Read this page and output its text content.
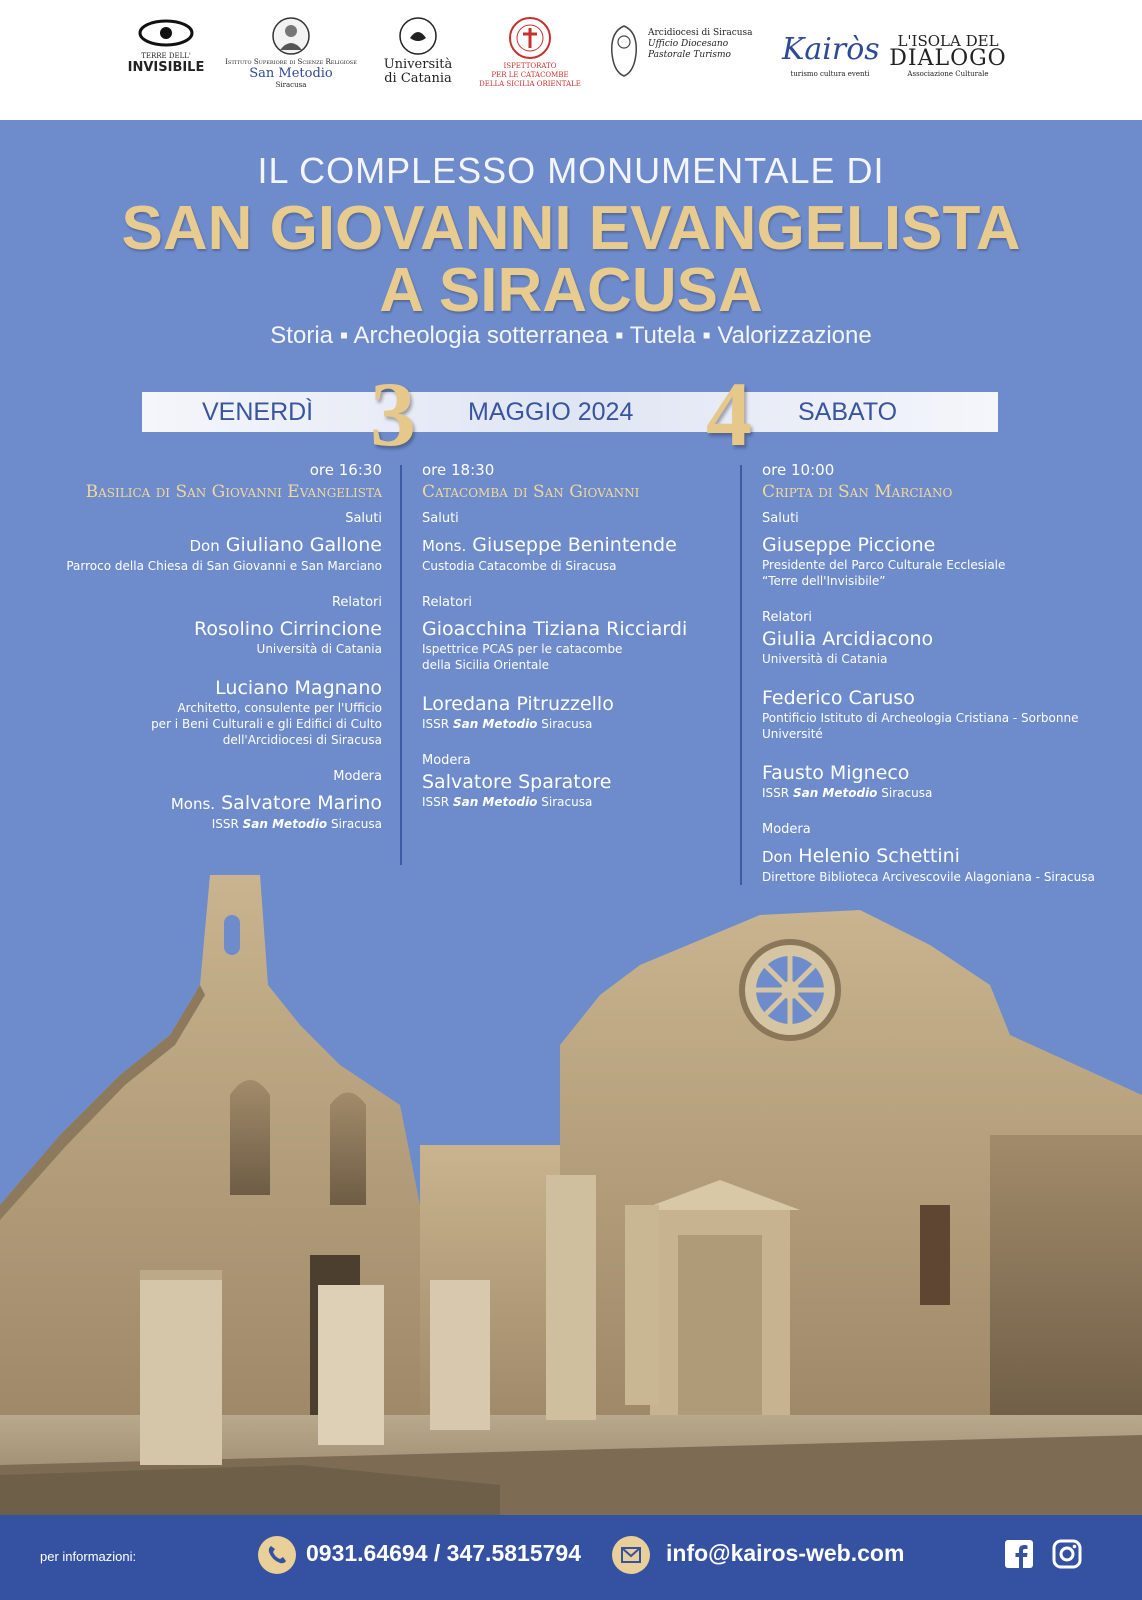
TERRE DELL'
INVISIBILE	Istituto Superiore di Scienze Religiose
San Metodio
Siracusa
Università
di Catania
ISPETTORATO
PER LE CATACOMBE
DELLA SICILIA ORIENTALE
Arcidiocesi di Siracusa
Ufficio Diocesano
Pastorale Turismo	Kairòs
turismo cultura eventi
L'ISOLA DEL
DIALOGO
Associazione Culturale
IL COMPLESSO MONUMENTALE DI
SAN GIOVANNI EVANGELISTA
A SIRACUSA
Storia ▪ Archeologia sotterranea ▪ Tutela ▪ Valorizzazione
VENERDÌ	MAGGIO 2024	SABATO
3	4
ore 16:30
Basilica di San Giovanni Evangelista
Saluti
Don Giuliano Gallone
Parroco della Chiesa di San Giovanni e San Marciano
Relatori
Rosolino Cirrincione
Università di Catania
Luciano Magnano
Architetto, consulente per l'Ufficio
per i Beni Culturali e gli Edifici di Culto
dell'Arcidiocesi di Siracusa
Modera
Mons. Salvatore Marino
ISSR San Metodio Siracusa
ore 18:30
Catacomba di San Giovanni
Saluti
Mons. Giuseppe Benintende
Custodia Catacombe di Siracusa
Relatori
Gioacchina Tiziana Ricciardi
Ispettrice PCAS per le catacombe
della Sicilia Orientale
Loredana Pitruzzello
ISSR San Metodio Siracusa
Modera
Salvatore Sparatore
ISSR San Metodio Siracusa
ore 10:00
Cripta di San Marciano
Saluti
Giuseppe Piccione
Presidente del Parco Culturale Ecclesiale
“Terre dell'Invisibile”
Relatori
Giulia Arcidiacono
Università di Catania
Federico Caruso
Pontificio Istituto di Archeologia Cristiana - Sorbonne Université
Fausto Migneco
ISSR San Metodio Siracusa
Modera
Don Helenio Schettini
Direttore Biblioteca Arcivescovile Alagoniana - Siracusa
per informazioni:	0931.64694 / 347.5815794	info@kairos-web.com
